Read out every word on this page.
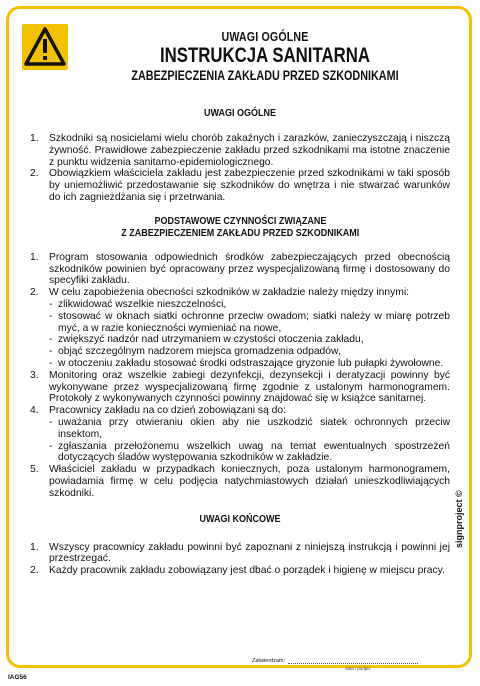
UWAGI OGÓLNE
INSTRUKCJA SANITARNA
ZABEZPIECZENIA ZAKŁADU PRZED SZKODNIKAMI
UWAGI OGÓLNE
1.	Szkodniki są nosicielami wielu chorób zakaźnych i zarazków, zanieczyszczają i niszczą żywność. Prawidłowe zabezpieczenie zakładu przed szkodnikami ma istotne znaczenie z punktu widzenia sanitarno-epidemiologicznego.
2.	Obowiązkiem właściciela zakładu jest zabezpieczenie przed szkodnikami w taki sposób by uniemożliwić przedostawanie się szkodników do wnętrza i nie stwarzać warunków do ich zagnieżdżania się i przetrwania.
PODSTAWOWE CZYNNOŚCI ZWIĄZANE
Z ZABEZPIECZENIEM ZAKŁADU PRZED SZKODNIKAMI
1.	Program stosowania odpowiednich środków zabezpieczających przed obecnością szkodników powinien być opracowany przez wyspecjalizowaną firmę i dostosowany do specyfiki zakładu.
2.	W celu zapobieżenia obecności szkodników w zakładzie należy między innymi:
- zlikwidować wszelkie nieszczelności,
- stosować w oknach siatki ochronne przeciw owadom; siatki należy w miarę potrzeb myć, a w razie konieczności wymieniać na nowe,
- zwiększyć nadzór nad utrzymaniem w czystości otoczenia zakładu,
- objąć szczególnym nadzorem miejsca gromadzenia odpadów,
- w otoczeniu zakładu stosować środki odstraszające gryzonie lub pułapki żywołowne.
3.	Monitoring oraz wszelkie zabiegi dezynfekcji, dezynsekcji i deratyzacji powinny być wykonywane przez wyspecjalizowaną firmę zgodnie z ustalonym harmonogramem. Protokoły z wykonywanych czynności powinny znajdować się w książce sanitarnej.
4.	Pracownicy zakładu na co dzień zobowiązani są do:
- uważania przy otwieraniu okien aby nie uszkodzić siatek ochronnych przeciw insektom,
- zgłaszania przełożonemu wszelkich uwag na temat ewentualnych spostrzeżeń dotyczących śladów występowania szkodników w zakładzie.
5.	Właściciel zakładu w przypadkach koniecznych, poza ustalonym harmonogramem, powiadamia firmę w celu podjęcia natychmiastowych działań unieszkodliwiających szkodniki.
UWAGI KOŃCOWE
1.	Wszyscy pracownicy zakładu powinni być zapoznani z niniejszą instrukcją i powinni jej przestrzegać.
2.	Każdy pracownik zakładu zobowiązany jest dbać o porządek i higienę w miejscu pracy.
Zatwierdzam:
data i podpis
IAG56
signproject ©
